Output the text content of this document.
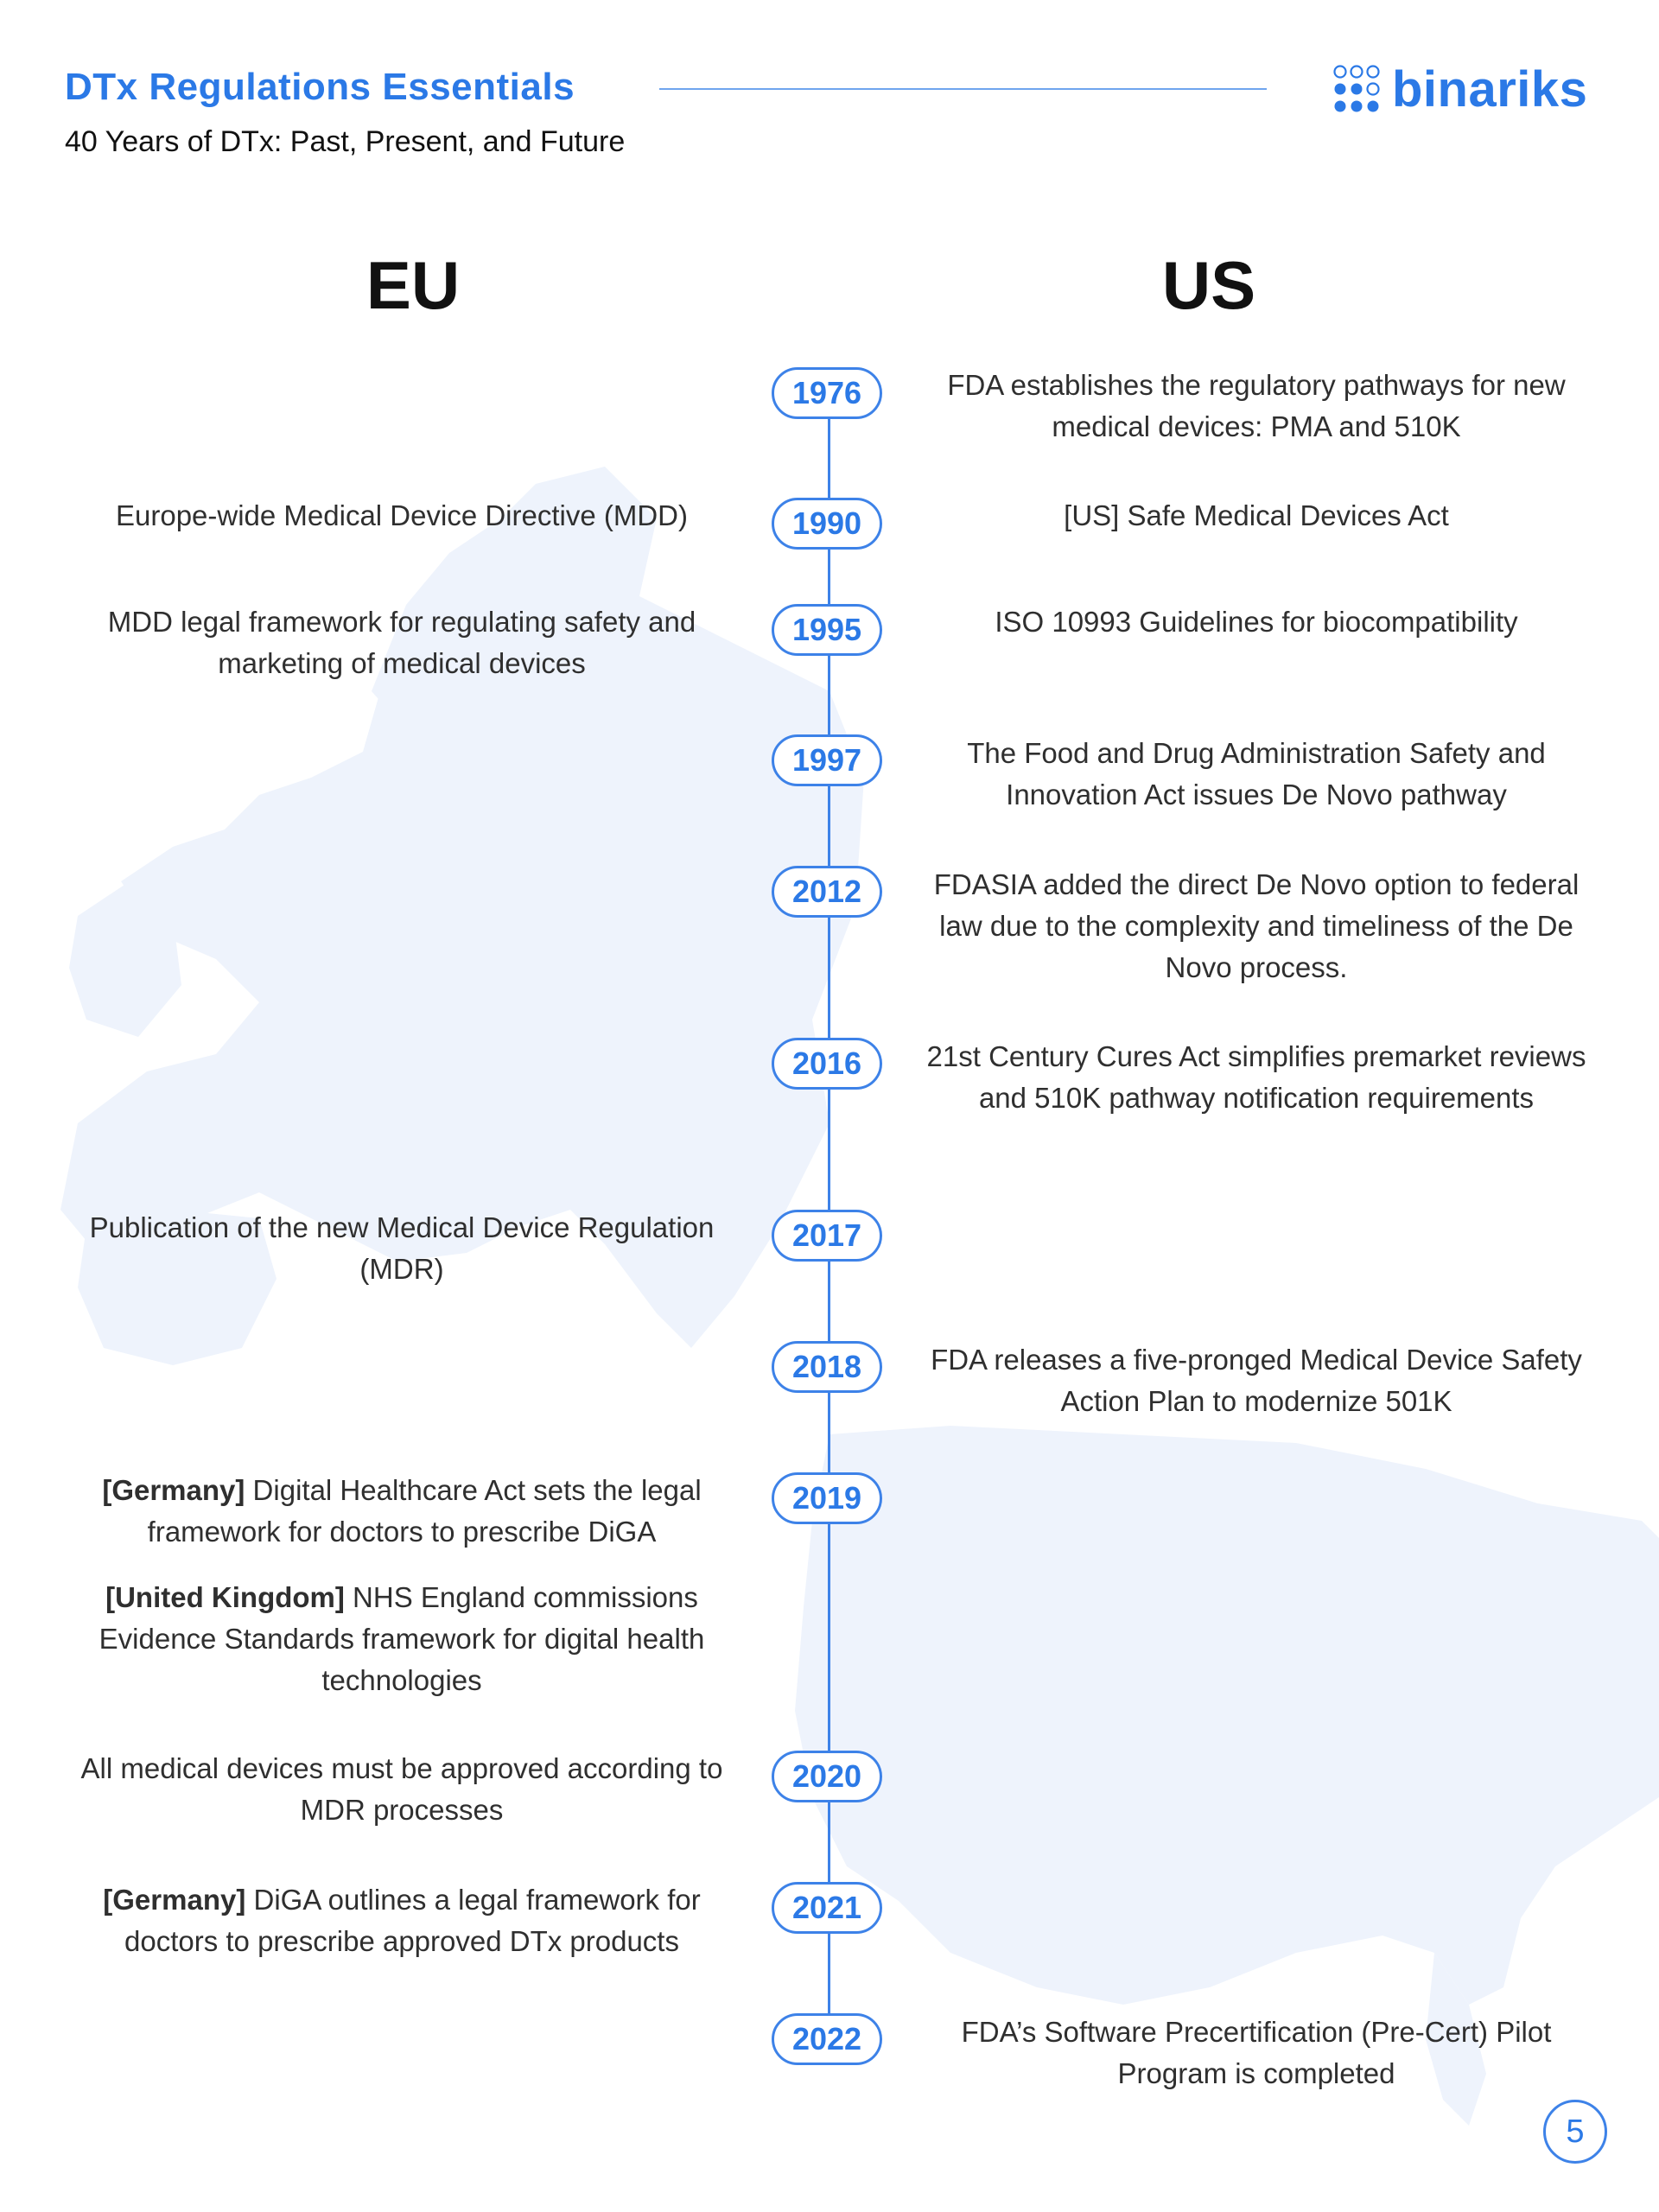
DTx Regulations Essentials
40 Years of DTx: Past, Present, and Future
binariks
EU	US
1976
1990
1995
1997
2012
2016
2017
2018
2019
2020
2021
2022
Europe-wide Medical Device Directive (MDD)
MDD legal framework for regulating safety and marketing of medical devices
Publication of the new Medical Device Regulation (MDR)
[Germany] Digital Healthcare Act sets the legal framework for doctors to prescribe DiGA
[United Kingdom] NHS England commissions Evidence Standards framework for digital health technologies
All medical devices must be approved according to MDR processes
[Germany] DiGA outlines a legal framework for doctors to prescribe approved DTx products
FDA establishes the regulatory pathways for new medical devices: PMA and 510K
[US] Safe Medical Devices Act
ISO 10993 Guidelines for biocompatibility
The Food and Drug Administration Safety and Innovation Act issues De Novo pathway
FDASIA added the direct De Novo option to federal law due to the complexity and timeliness of the De Novo process.
21st Century Cures Act simplifies premarket reviews and 510K pathway notification requirements
FDA releases a five-pronged Medical Device Safety Action Plan to modernize 501K
FDA’s Software Precertification (Pre-Cert) Pilot Program is completed
5
